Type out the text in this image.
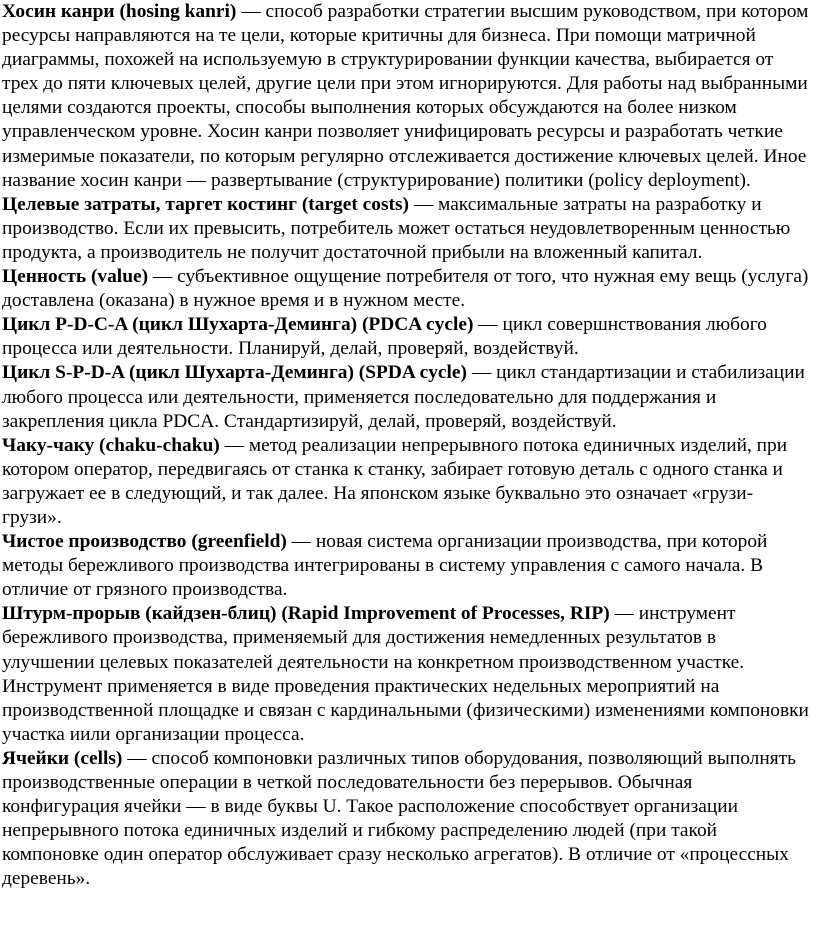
Хосин канри (hosing kanri) — способ разработки стратегии высшим руководством, при котором ресурсы направляются на те цели, которые критичны для бизнеса. При помощи матричной диаграммы, похожей на используемую в структурировании функции качества, выбирается от трех до пяти ключевых целей, другие цели при этом игнорируются. Для работы над выбранными целями создаются проекты, способы выполнения которых обсуждаются на более низком управленческом уровне. Хосин канри позволяет унифицировать ресурсы и разработать четкие измеримые показатели, по которым регулярно отслеживается достижение ключевых целей. Иное название хосин канри — развертывание (структурирование) политики (policy deployment).

Целевые затраты, таргет костинг (target costs) — максимальные затраты на разработку и производство. Если их превысить, потребитель может остаться неудовлетворенным ценностью продукта, а производитель не получит достаточной прибыли на вложенный капитал.

Ценность (value) — субъективное ощущение потребителя от того, что нужная ему вещь (услуга) доставлена (оказана) в нужное время и в нужном месте.

Цикл P-D-C-A (цикл Шухарта-Деминга) (PDCA cycle) — цикл совершнствования любого процесса или деятельности. Планируй, делай, проверяй, воздействуй.

Цикл S-P-D-A (цикл Шухарта-Деминга) (SPDA cycle) — цикл стандартизации и стабилизации любого процесса или деятельности, применяется последовательно для поддержания и закрепления цикла PDCA. Стандартизируй, делай, проверяй, воздействуй.

Чаку-чаку (chaku-chaku) — метод реализации непрерывного потока единичных изделий, при котором оператор, передвигаясь от станка к станку, забирает готовую деталь с одного станка и загружает ее в следующий, и так далее. На японском языке буквально это означает «грузи-грузи».

Чистое производство (greenfield) — новая система организации производства, при которой методы бережливого производства интегрированы в систему управления с самого начала. В отличие от грязного производства.

Штурм-прорыв (кайдзен-блиц) (Rapid Improvement of Processes, RIP) — инструмент бережливого производства, применяемый для достижения немедленных результатов в улучшении целевых показателей деятельности на конкретном производственном участке. Инструмент применяется в виде проведения практических недельных мероприятий на производственной площадке и связан с кардинальными (физическими) изменениями компоновки участка иили организации процесса.

Ячейки (cells) — способ компоновки различных типов оборудования, позволяющий выполнять производственные операции в четкой последовательности без перерывов. Обычная конфигурация ячейки — в виде буквы U. Такое расположение способствует организации непрерывного потока единичных изделий и гибкому распределению людей (при такой компоновке один оператор обслуживает сразу несколько агрегатов). В отличие от «процессных деревень».
